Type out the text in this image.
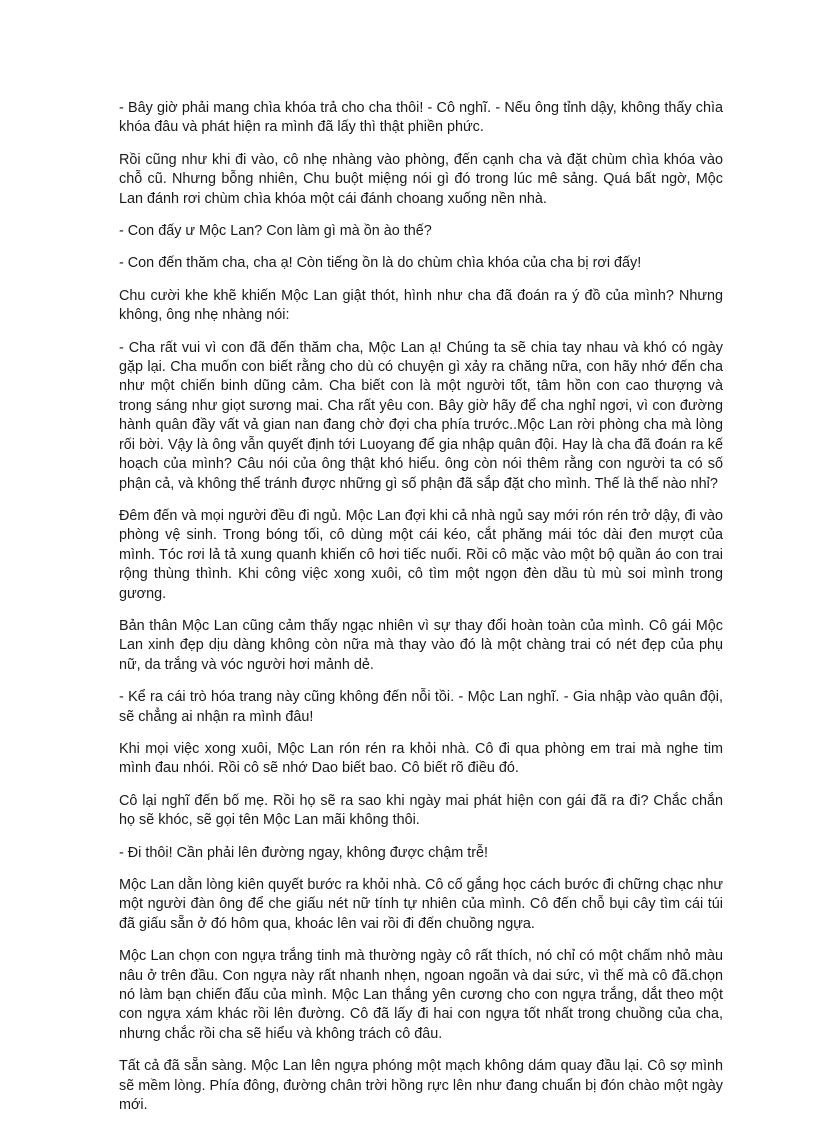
- Bây giờ phải mang chìa khóa trả cho cha thôi! - Cô nghĩ. - Nếu ông tỉnh dậy, không thấy chìa khóa đâu và phát hiện ra mình đã lấy thì thật phiền phức.

Rồi cũng như khi đi vào, cô nhẹ nhàng vào phòng, đến cạnh cha và đặt chùm chìa khóa vào chỗ cũ. Nhưng bỗng nhiên, Chu buột miệng nói gì đó trong lúc mê sảng. Quá bất ngờ, Mộc Lan đánh rơi chùm chìa khóa một cái đánh choang xuống nền nhà.

- Con đấy ư Mộc Lan? Con làm gì mà ồn ào thế?

- Con đến thăm cha, cha ạ! Còn tiếng ồn là do chùm chìa khóa của cha bị rơi đấy!

Chu cười khe khẽ khiến Mộc Lan giật thót, hình như cha đã đoán ra ý đồ của mình? Nhưng không, ông nhẹ nhàng nói:

- Cha rất vui vì con đã đến thăm cha, Mộc Lan ạ! Chúng ta sẽ chia tay nhau và khó có ngày gặp lại. Cha muốn con biết rằng cho dù có chuyện gì xảy ra chăng nữa, con hãy nhớ đến cha như một chiến binh dũng cảm. Cha biết con là một người tốt, tâm hồn con cao thượng và trong sáng như giọt sương mai. Cha rất yêu con. Bây giờ hãy để cha nghỉ ngơi, vì con đường hành quân đầy vất vả gian nan đang chờ đợi cha phía trước..Mộc Lan rời phòng cha mà lòng rối bời. Vậy là ông vẫn quyết định tới Luoyang để gia nhập quân đội. Hay là cha đã đoán ra kế hoạch của mình? Câu nói của ông thật khó hiểu. ông còn nói thêm rằng con người ta có số phận cả, và không thể tránh được những gì số phận đã sắp đặt cho mình. Thế là thế nào nhỉ?

Đêm đến và mọi người đều đi ngủ. Mộc Lan đợi khi cả nhà ngủ say mới rón rén trở dậy, đi vào phòng vệ sinh. Trong bóng tối, cô dùng một cái kéo, cắt phăng mái tóc dài đen mượt của mình. Tóc rơi lả tả xung quanh khiến cô hơi tiếc nuối. Rồi cô mặc vào một bộ quần áo con trai rộng thùng thình. Khi công việc xong xuôi, cô tìm một ngọn đèn dầu tù mù soi mình trong gương.

Bản thân Mộc Lan cũng cảm thấy ngạc nhiên vì sự thay đổi hoàn toàn của mình. Cô gái Mộc Lan xinh đẹp dịu dàng không còn nữa mà thay vào đó là một chàng trai có nét đẹp của phụ nữ, da trắng và vóc người hơi mảnh dẻ.

- Kể ra cái trò hóa trang này cũng không đến nỗi tồi. - Mộc Lan nghĩ. - Gia nhập vào quân đội, sẽ chẳng ai nhận ra mình đâu!

Khi mọi việc xong xuôi, Mộc Lan rón rén ra khỏi nhà. Cô đi qua phòng em trai mà nghe tim mình đau nhói. Rồi cô sẽ nhớ Dao biết bao. Cô biết rõ điều đó.

Cô lại nghĩ đến bố mẹ. Rồi họ sẽ ra sao khi ngày mai phát hiện con gái đã ra đi? Chắc chắn họ sẽ khóc, sẽ gọi tên Mộc Lan mãi không thôi.

- Đi thôi! Cần phải lên đường ngay, không được chậm trễ!

Mộc Lan dằn lòng kiên quyết bước ra khỏi nhà. Cô cố gắng học cách bước đi chững chạc như một người đàn ông để che giấu nét nữ tính tự nhiên của mình. Cô đến chỗ bụi cây tìm cái túi đã giấu sẵn ở đó hôm qua, khoác lên vai rồi đi đến chuồng ngựa.

Mộc Lan chọn con ngựa trắng tinh mà thường ngày cô rất thích, nó chỉ có một chấm nhỏ màu nâu ở trên đầu. Con ngựa này rất nhanh nhẹn, ngoan ngoãn và dai sức, vì thế mà cô đã.chọn nó làm bạn chiến đấu của mình. Mộc Lan thắng yên cương cho con ngựa trắng, dắt theo một con ngựa xám khác rồi lên đường. Cô đã lấy đi hai con ngựa tốt nhất trong chuồng của cha, nhưng chắc rồi cha sẽ hiểu và không trách cô đâu.

Tất cả đã sẵn sàng. Mộc Lan lên ngựa phóng một mạch không dám quay đầu lại. Cô sợ mình sẽ mềm lòng. Phía đông, đường chân trời hồng rực lên như đang chuẩn bị đón chào một ngày mới.
